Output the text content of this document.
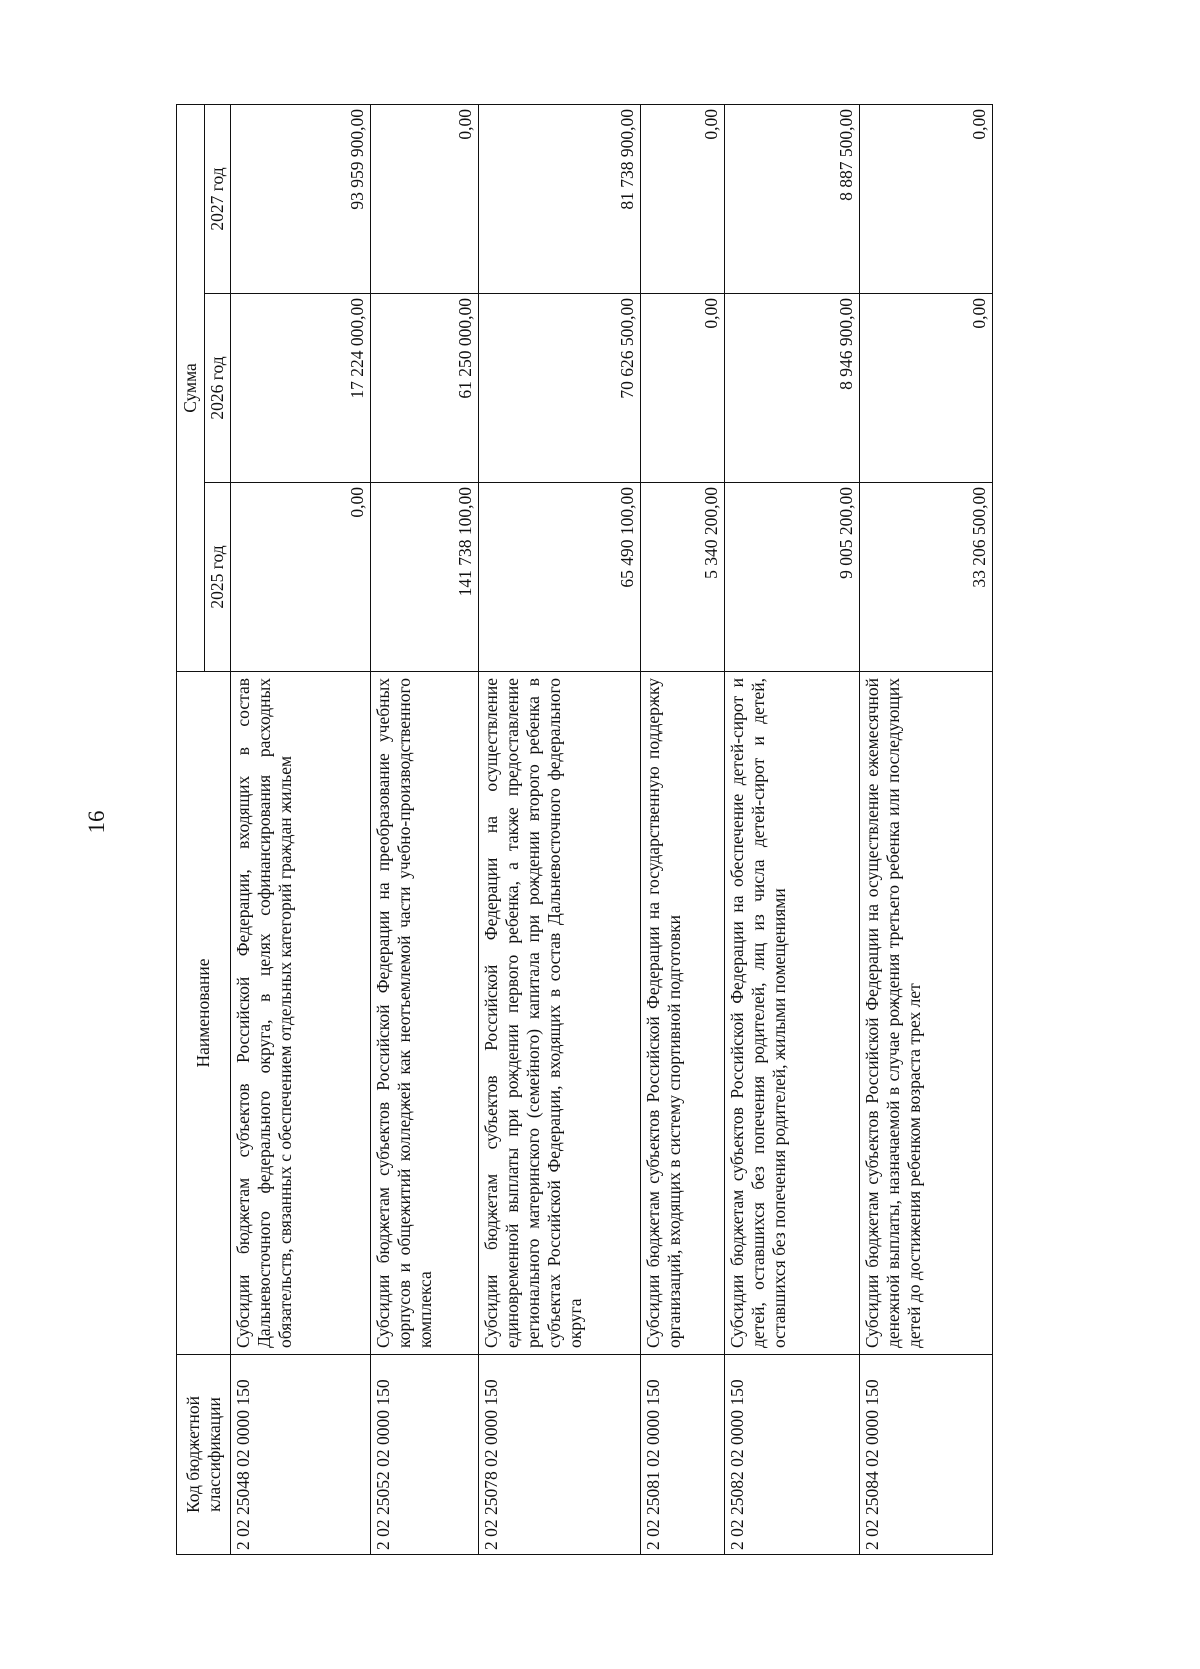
16
Код бюджетной классификации	Наименование	Сумма		
		2025 год	2026 год	2027 год
2 02 25048 02 0000 150	Субсидии бюджетам субъектов Российской Федерации, входящих в состав Дальневосточного федерального округа, в целях софинансирования расходных обязательств, связанных с обеспечением отдельных категорий граждан жильем	0,00	17 224 000,00	93 959 900,00
2 02 25052 02 0000 150	Субсидии бюджетам субъектов Российской Федерации на преобразование учебных корпусов и общежитий колледжей как неотъемлемой части учебно-производственного комплекса	141 738 100,00	61 250 000,00	0,00
2 02 25078 02 0000 150	Субсидии бюджетам субъектов Российской Федерации на осуществление единовременной выплаты при рождении первого ребенка, а также предоставление регионального материнского (семейного) капитала при рождении второго ребенка в субъектах Российской Федерации, входящих в состав Дальневосточного федерального округа	65 490 100,00	70 626 500,00	81 738 900,00
2 02 25081 02 0000 150	Субсидии бюджетам субъектов Российской Федерации на государственную поддержку организаций, входящих в систему спортивной подготовки	5 340 200,00	0,00	0,00
2 02 25082 02 0000 150	Субсидии бюджетам субъектов Российской Федерации на обеспечение детей-сирот и детей, оставшихся без попечения родителей, лиц из числа детей-сирот и детей, оставшихся без попечения родителей, жилыми помещениями	9 005 200,00	8 946 900,00	8 887 500,00
2 02 25084 02 0000 150	Субсидии бюджетам субъектов Российской Федерации на осуществление ежемесячной денежной выплаты, назначаемой в случае рождения третьего ребенка или последующих детей до достижения ребенком возраста трех лет	33 206 500,00	0,00	0,00
